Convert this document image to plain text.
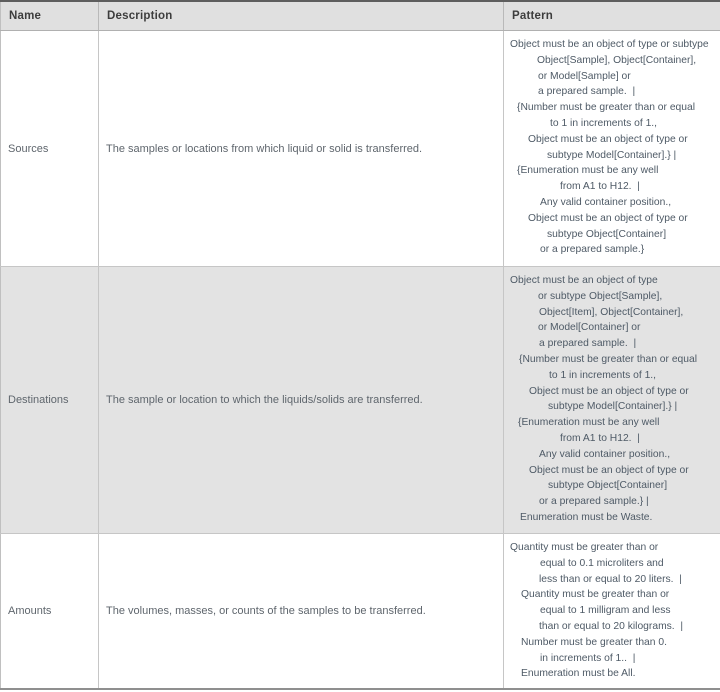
Name	Description	Pattern
Sources	The samples or locations from which liquid or solid is transferred.	
Object must be an object of type or subtype
Object[Sample], Object[Container],
or Model[Sample] or
a prepared sample.  |
{Number must be greater than or equal
to 1 in increments of 1.,
Object must be an object of type or
subtype Model[Container].} |
{Enumeration must be any well
from A1 to H12.  |
Any valid container position.,
Object must be an object of type or
subtype Object[Container]
or a prepared sample.}

Destinations	The sample or location to which the liquids/solids are transferred.	
Object must be an object of type
or subtype Object[Sample],
Object[Item], Object[Container],
or Model[Container] or
a prepared sample.  |
{Number must be greater than or equal
to 1 in increments of 1.,
Object must be an object of type or
subtype Model[Container].} |
{Enumeration must be any well
from A1 to H12.  |
Any valid container position.,
Object must be an object of type or
subtype Object[Container]
or a prepared sample.} |
Enumeration must be Waste.

Amounts	The volumes, masses, or counts of the samples to be transferred.	
Quantity must be greater than or
equal to 0.1 microliters and
less than or equal to 20 liters.  |
Quantity must be greater than or
equal to 1 milligram and less
than or equal to 20 kilograms.  |
Number must be greater than 0.
in increments of 1..  |
Enumeration must be All.
